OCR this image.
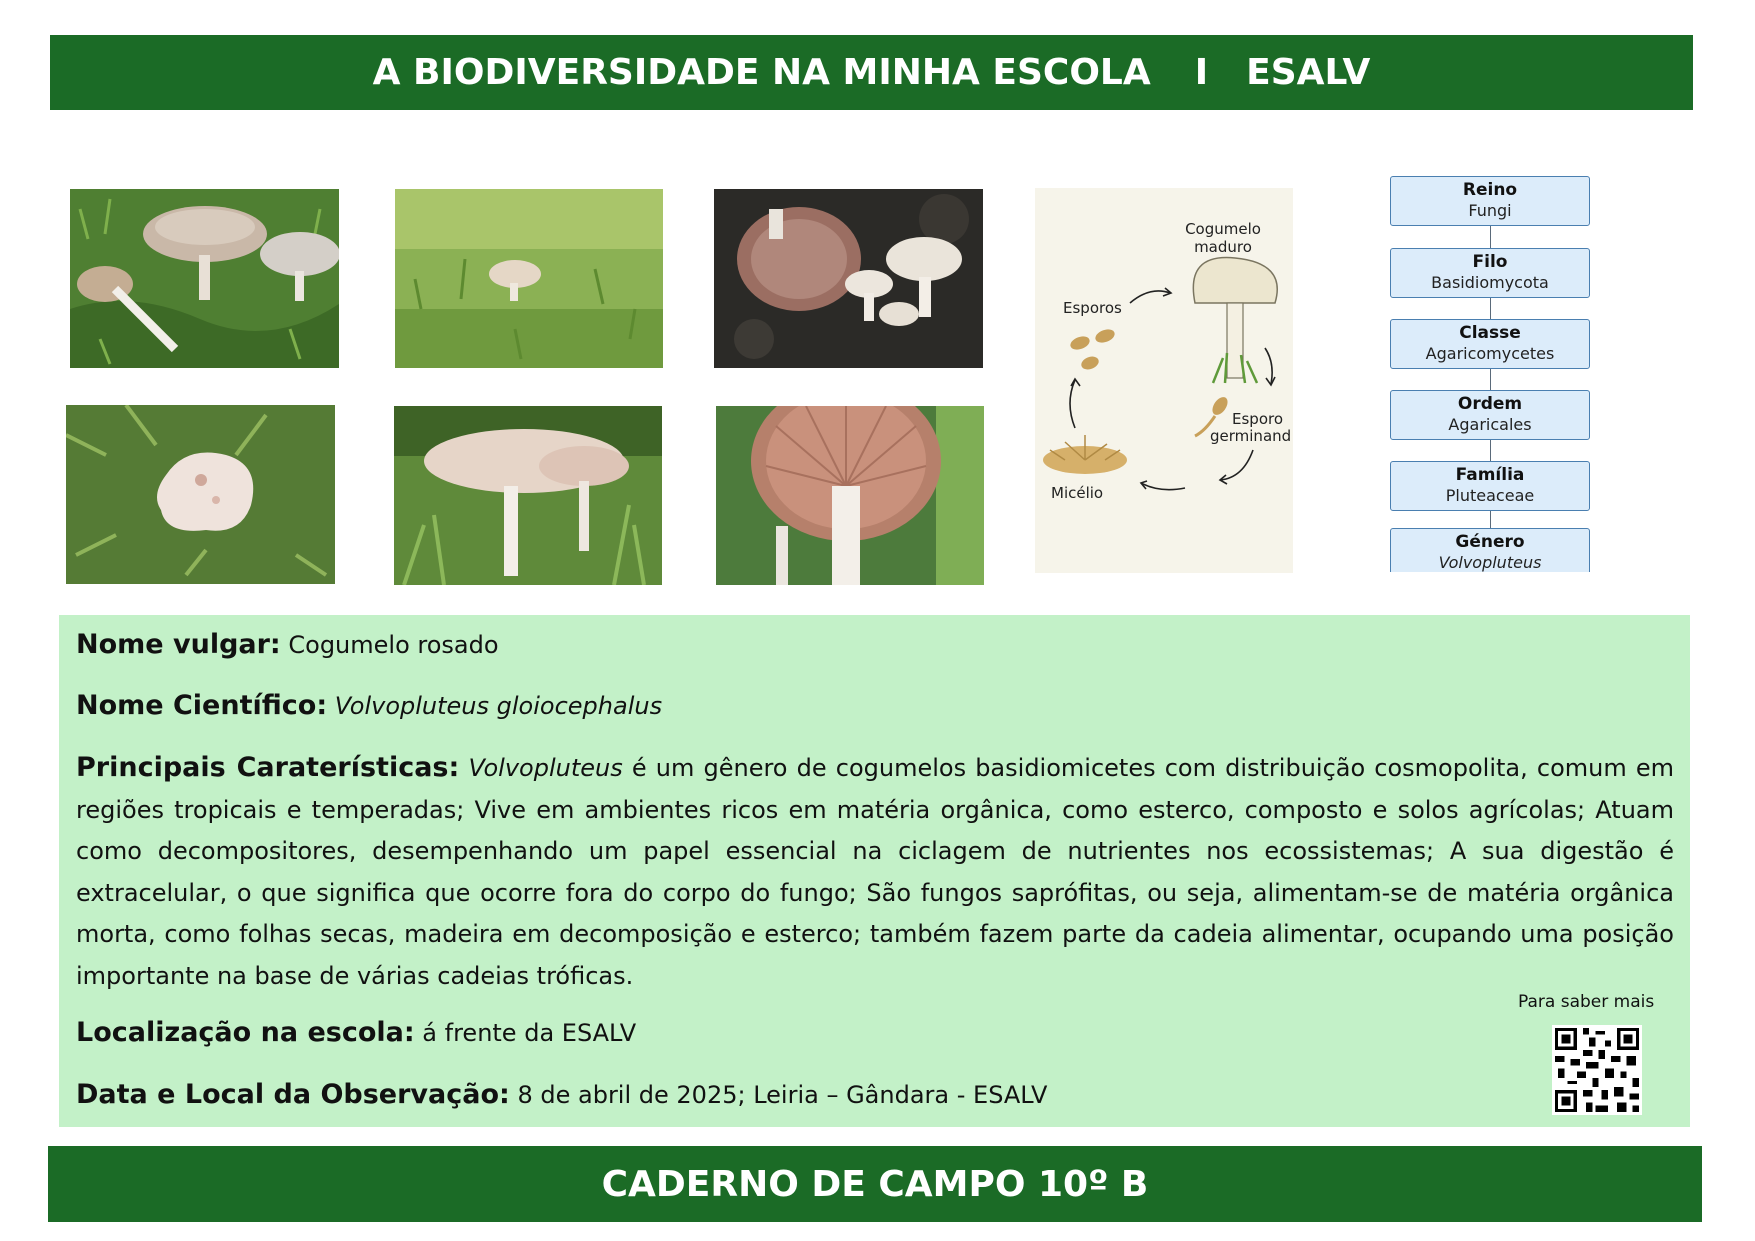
A BIODIVERSIDADE NA MINHA ESCOLA I ESALV
Cogumelo
maduro
Esporos
Esporo
germinand
Micélio
Reino
Fungi
Filo
Basidiomycota
Classe
Agaricomycetes
Ordem
Agaricales
Família
Pluteaceae
Género
Volvopluteus
Nome vulgar: Cogumelo rosado
Nome Científico: Volvopluteus gloiocephalus
Principais Caraterísticas: Volvopluteus é um gênero de cogumelos basidiomicetes com distribuição cosmopolita, comum em regiões tropicais e temperadas; Vive em ambientes ricos em matéria orgânica, como esterco, composto e solos agrícolas; Atuam como decompositores, desempenhando um papel essencial na ciclagem de nutrientes nos ecossistemas; A sua digestão é extracelular, o que significa que ocorre fora do corpo do fungo; São fungos sapróf​itas, ou seja, alimentam-se de matéria orgânica morta, como folhas secas, madeira em decomposição e esterco; também fazem parte da cadeia alimentar, ocupando uma posição importante na base de várias cadeias tróficas.
Localização na escola: á frente da ESALV
Data e Local da Observação: 8 de abril de 2025; Leiria – Gândara - ESALV
Para saber mais
CADERNO DE CAMPO 10º B
